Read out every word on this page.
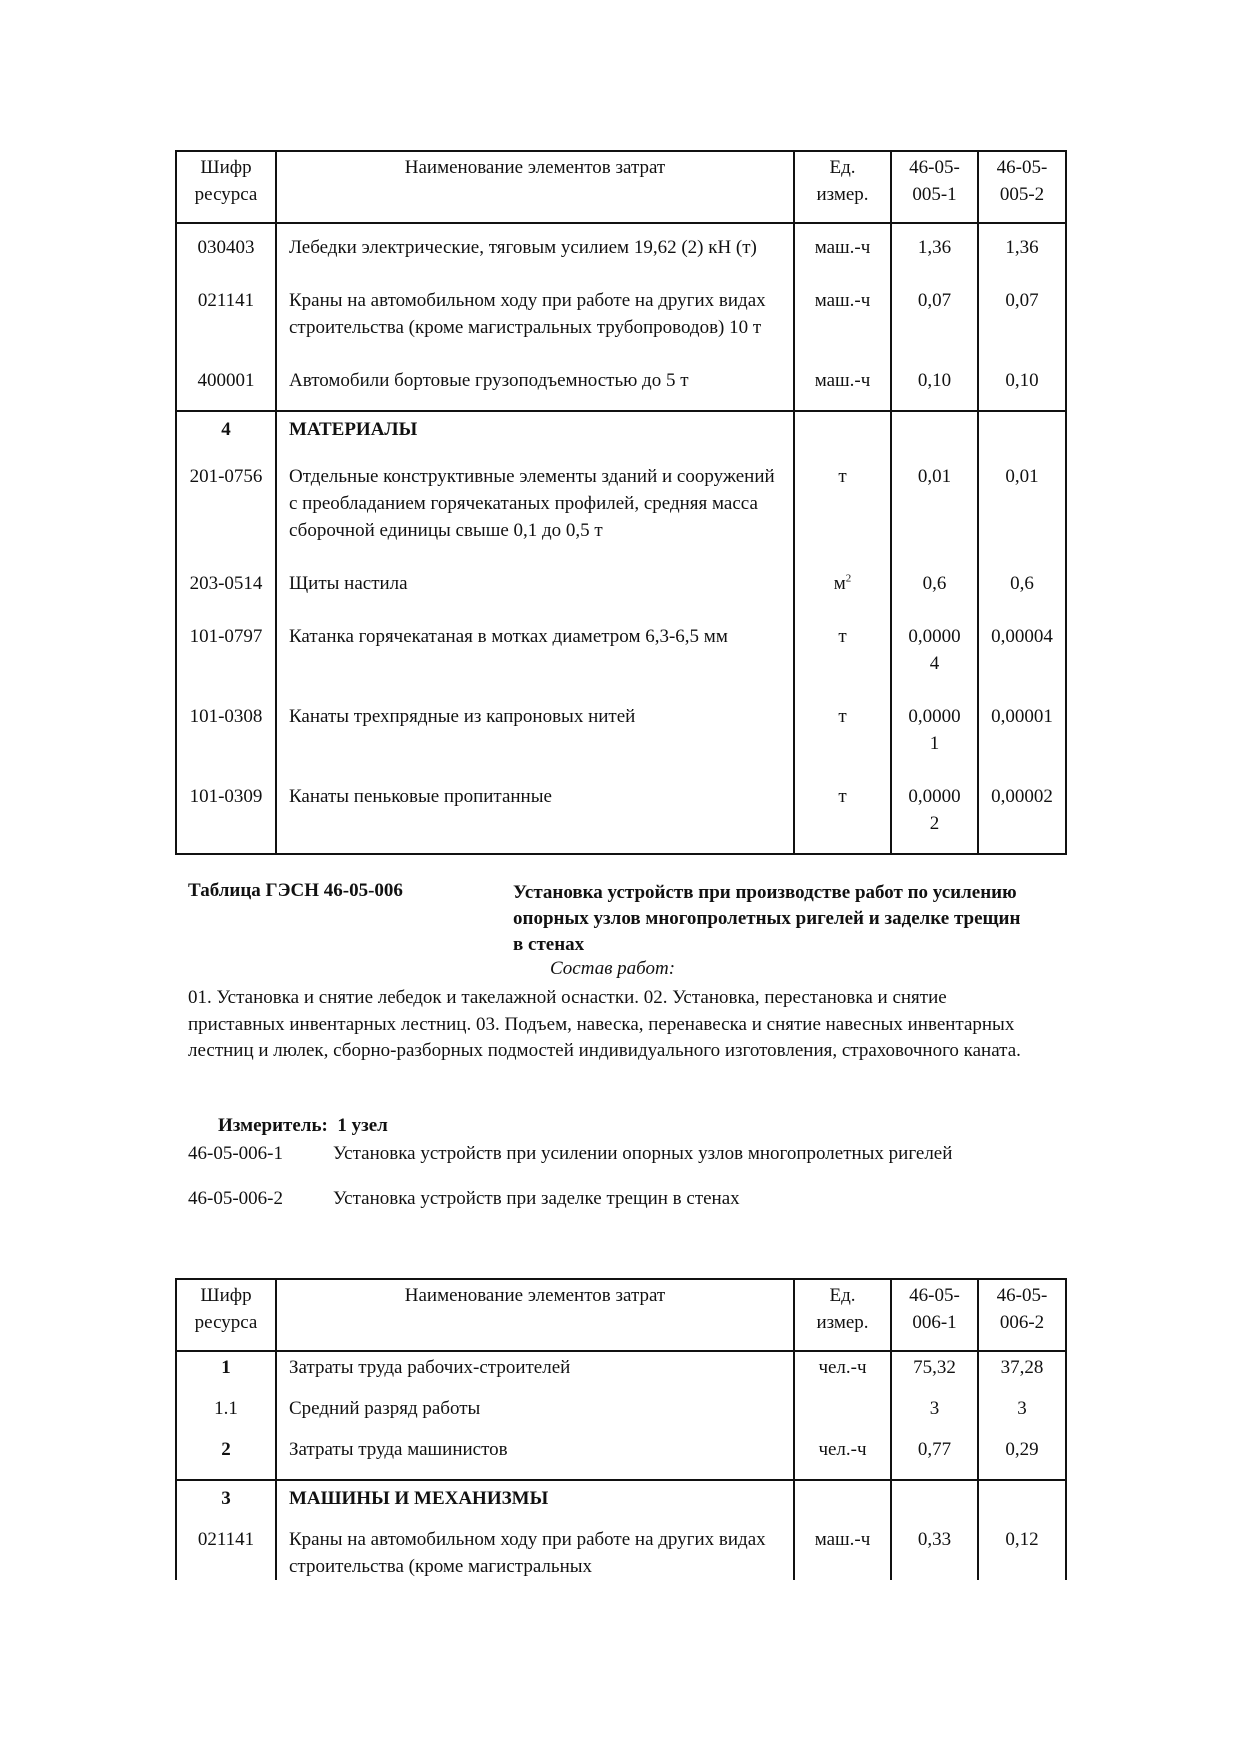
Шифр ресурса	Наименование элементов затрат	Ед. измер.	46-05-005-1	46-05-005-2
030403	Лебедки электрические, тяговым усилием 19,62 (2) кН (т)	маш.-ч	1,36	1,36
021141	Краны на автомобильном ходу при работе на других видах строительства (кроме магистральных трубопроводов) 10 т	маш.-ч	0,07	0,07
400001	Автомобили бортовые грузоподъемностью до 5 т	маш.-ч	0,10	0,10
4	МАТЕРИАЛЫ			
201-0756	Отдельные конструктивные элементы зданий и сооружений с преобладанием горячекатаных профилей, средняя масса сборочной единицы свыше 0,1 до 0,5 т	т	0,01	0,01
203-0514	Щиты настила	$м^2$	0,6	0,6
101-0797	Катанка горячекатаная в мотках диаметром 6,3-6,5 мм	т	0,00004	0,00004
101-0308	Канаты трехпрядные из капроновых нитей	т	0,00001	0,00001
101-0309	Канаты пеньковые пропитанные	т	0,00002	0,00002
Таблица ГЭСН 46-05-006	Установка устройств при производстве работ по усилению опорных узлов многопролетных ригелей и заделке трещин в стенах
Состав работ:
01. Установка и снятие лебедок и такелажной оснастки. 02. Установка, перестановка и снятие приставных инвентарных лестниц. 03. Подъем, навеска, перенавеска и снятие навесных инвентарных лестниц и люлек, сборно-разборных подмостей индивидуального изготовления, страховочного каната.
Измеритель: 1 узел
46-05-006-1	Установка устройств при усилении опорных узлов многопролетных ригелей
46-05-006-2	Установка устройств при заделке трещин в стенах
Шифр ресурса	Наименование элементов затрат	Ед. измер.	46-05-006-1	46-05-006-2
1	Затраты труда рабочих-строителей	чел.-ч	75,32	37,28
1.1	Средний разряд работы		3	3
2	Затраты труда машинистов	чел.-ч	0,77	0,29
3	МАШИНЫ И МЕХАНИЗМЫ			
021141	Краны на автомобильном ходу при работе на других видах строительства (кроме магистральных	маш.-ч	0,33	0,12
